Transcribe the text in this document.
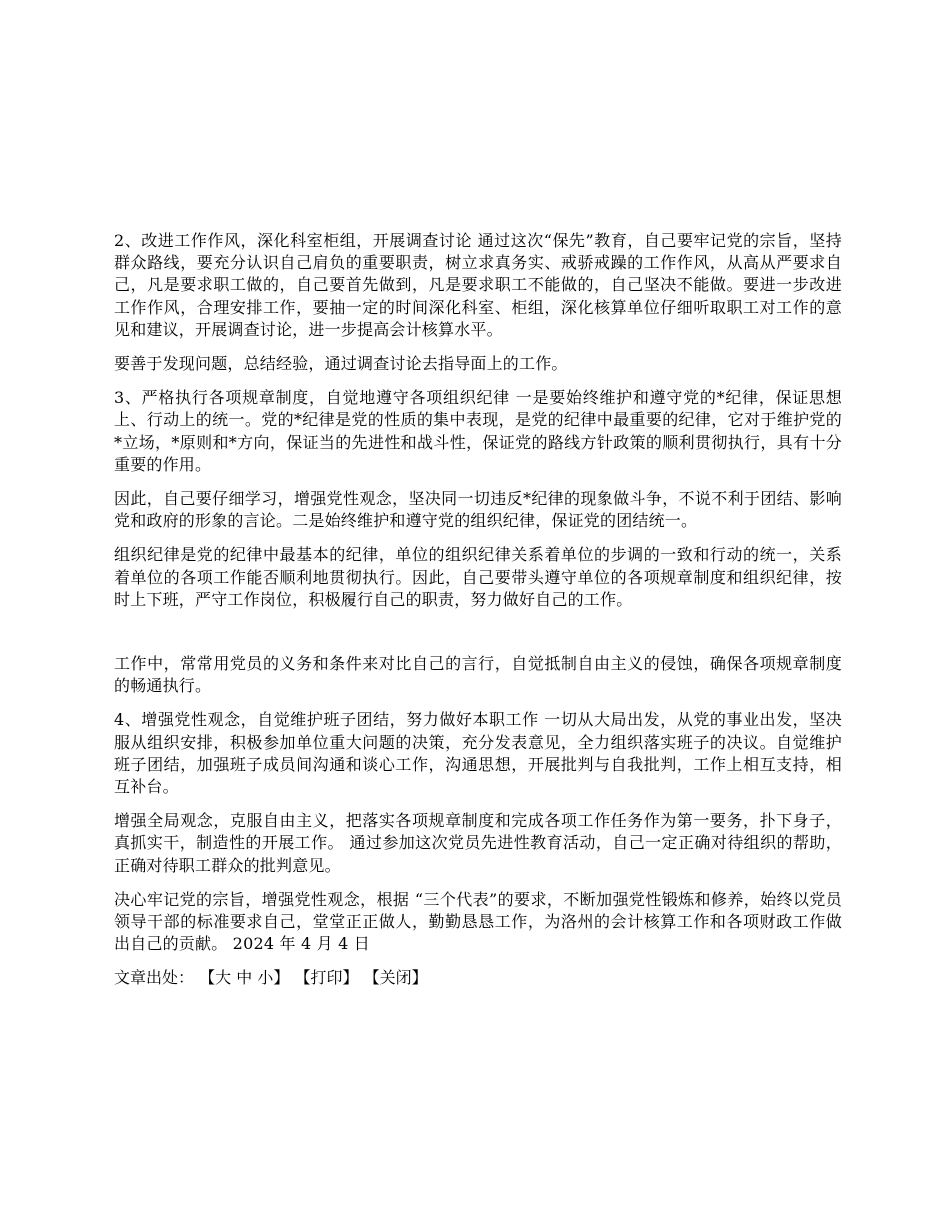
2、改进工作作风，深化科室柜组，开展调查讨论 通过这次“保先”教育，自己要牢记党的宗旨，坚持群众路线，要充分认识自己肩负的重要职责，树立求真务实、戒骄戒躁的工作作风，从高从严要求自己，凡是要求职工做的，自己要首先做到，凡是要求职工不能做的，自己坚决不能做。要进一步改进工作作风，合理安排工作，要抽一定的时间深化科室、柜组，深化核算单位仔细听取职工对工作的意见和建议，开展调查讨论，进一步提高会计核算水平。

要善于发现问题，总结经验，通过调查讨论去指导面上的工作。

3、严格执行各项规章制度，自觉地遵守各项组织纪律 一是要始终维护和遵守党的*纪律，保证思想上、行动上的统一。党的*纪律是党的性质的集中表现，是党的纪律中最重要的纪律，它对于维护党的*立场，*原则和*方向，保证当的先进性和战斗性，保证党的路线方针政策的顺利贯彻执行，具有十分重要的作用。

因此，自己要仔细学习，增强党性观念，坚决同一切违反*纪律的现象做斗争，不说不利于团结、影响党和政府的形象的言论。二是始终维护和遵守党的组织纪律，保证党的团结统一。

组织纪律是党的纪律中最基本的纪律，单位的组织纪律关系着单位的步调的一致和行动的统一，关系着单位的各项工作能否顺利地贯彻执行。因此，自己要带头遵守单位的各项规章制度和组织纪律，按时上下班，严守工作岗位，积极履行自己的职责，努力做好自己的工作。

工作中，常常用党员的义务和条件来对比自己的言行，自觉抵制自由主义的侵蚀，确保各项规章制度的畅通执行。

4、增强党性观念，自觉维护班子团结，努力做好本职工作 一切从大局出发，从党的事业出发，坚决服从组织安排，积极参加单位重大问题的决策，充分发表意见，全力组织落实班子的决议。自觉维护班子团结，加强班子成员间沟通和谈心工作，沟通思想，开展批判与自我批判，工作上相互支持，相互补台。

增强全局观念，克服自由主义，把落实各项规章制度和完成各项工作任务作为第一要务，扑下身子，真抓实干，制造性的开展工作。 通过参加这次党员先进性教育活动，自己一定正确对待组织的帮助，正确对待职工群众的批判意见。

决心牢记党的宗旨，增强党性观念，根据 “三个代表”的要求，不断加强党性锻炼和修养，始终以党员领导干部的标准要求自己，堂堂正正做人，勤勤恳恳工作，为洛州的会计核算工作和各项财政工作做出自己的贡献。 2024 年 4 月 4 日

文章出处： 【大 中 小】 【打印】 【关闭】
